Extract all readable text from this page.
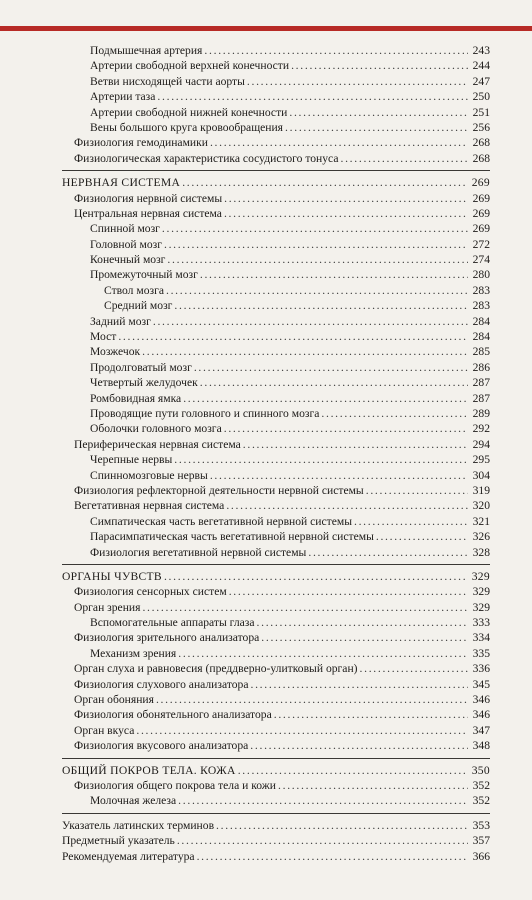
Подмышечная артерия . . .	243
Артерии свободной верхней конечности . . .	244
Ветви нисходящей части аорты . . .	247
Артерии таза . . .	250
Артерии свободной нижней конечности . . .	251
Вены большого круга кровообращения . . .	256
Физиология гемодинамики . . .	268
Физиологическая характеристика сосудистого тонуса . . .	268
НЕРВНАЯ СИСТЕМА . . .	269
Физиология нервной системы . . .	269
Центральная нервная система . . .	269
Спинной мозг . . .	269
Головной мозг . . .	272
Конечный мозг . . .	274
Промежуточный мозг . . .	280
Ствол мозга . . .	283
Средний мозг . . .	283
Задний мозг . . .	284
Мост . . .	284
Мозжечок . . .	285
Продолговатый мозг . . .	286
Четвертый желудочек . . .	287
Ромбовидная ямка . . .	287
Проводящие пути головного и спинного мозга . . .	289
Оболочки головного мозга . . .	292
Периферическая нервная система . . .	294
Черепные нервы . . .	295
Спинномозговые нервы . . .	304
Физиология рефлекторной деятельности нервной системы . . .	319
Вегетативная нервная система . . .	320
Симпатическая часть вегетативной нервной системы . . .	321
Парасимпатическая часть вегетативной нервной системы . . .	326
Физиология вегетативной нервной системы . . .	328
ОРГАНЫ ЧУВСТВ . . .	329
Физиология сенсорных систем . . .	329
Орган зрения . . .	329
Вспомогательные аппараты глаза . . .	333
Физиология зрительного анализатора . . .	334
Механизм зрения . . .	335
Орган слуха и равновесия (преддверно-улитковый орган) . . .	336
Физиология слухового анализатора . . .	345
Орган обоняния . . .	346
Физиология обонятельного анализатора . . .	346
Орган вкуса . . .	347
Физиология вкусового анализатора . . .	348
ОБЩИЙ ПОКРОВ ТЕЛА. КОЖА . . .	350
Физиология общего покрова тела и кожи . . .	352
Молочная железа . . .	352
Указатель латинских терминов . . .	353
Предметный указатель . . .	357
Рекомендуемая литература . . .	366
